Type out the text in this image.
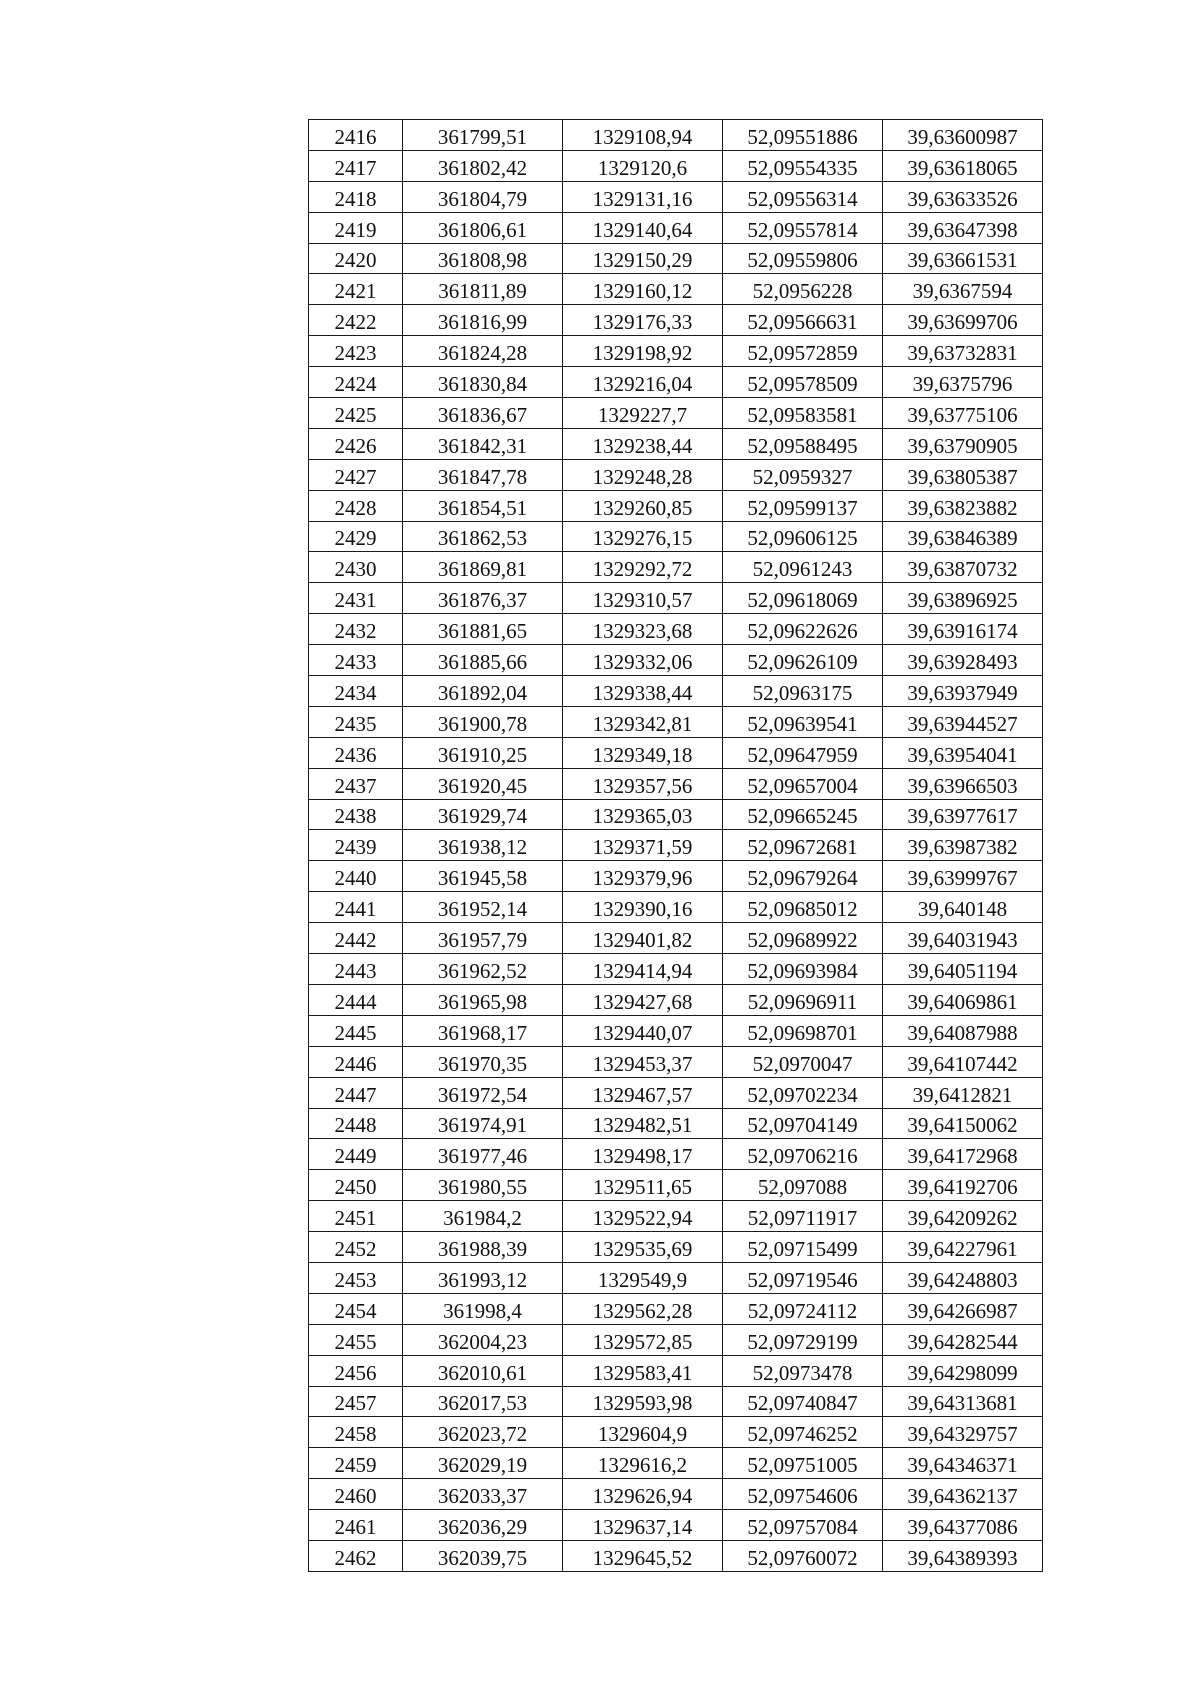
2416	361799,51	1329108,94	52,09551886	39,63600987
2417	361802,42	1329120,6	52,09554335	39,63618065
2418	361804,79	1329131,16	52,09556314	39,63633526
2419	361806,61	1329140,64	52,09557814	39,63647398
2420	361808,98	1329150,29	52,09559806	39,63661531
2421	361811,89	1329160,12	52,0956228	39,6367594
2422	361816,99	1329176,33	52,09566631	39,63699706
2423	361824,28	1329198,92	52,09572859	39,63732831
2424	361830,84	1329216,04	52,09578509	39,6375796
2425	361836,67	1329227,7	52,09583581	39,63775106
2426	361842,31	1329238,44	52,09588495	39,63790905
2427	361847,78	1329248,28	52,0959327	39,63805387
2428	361854,51	1329260,85	52,09599137	39,63823882
2429	361862,53	1329276,15	52,09606125	39,63846389
2430	361869,81	1329292,72	52,0961243	39,63870732
2431	361876,37	1329310,57	52,09618069	39,63896925
2432	361881,65	1329323,68	52,09622626	39,63916174
2433	361885,66	1329332,06	52,09626109	39,63928493
2434	361892,04	1329338,44	52,0963175	39,63937949
2435	361900,78	1329342,81	52,09639541	39,63944527
2436	361910,25	1329349,18	52,09647959	39,63954041
2437	361920,45	1329357,56	52,09657004	39,63966503
2438	361929,74	1329365,03	52,09665245	39,63977617
2439	361938,12	1329371,59	52,09672681	39,63987382
2440	361945,58	1329379,96	52,09679264	39,63999767
2441	361952,14	1329390,16	52,09685012	39,640148
2442	361957,79	1329401,82	52,09689922	39,64031943
2443	361962,52	1329414,94	52,09693984	39,64051194
2444	361965,98	1329427,68	52,09696911	39,64069861
2445	361968,17	1329440,07	52,09698701	39,64087988
2446	361970,35	1329453,37	52,0970047	39,64107442
2447	361972,54	1329467,57	52,09702234	39,6412821
2448	361974,91	1329482,51	52,09704149	39,64150062
2449	361977,46	1329498,17	52,09706216	39,64172968
2450	361980,55	1329511,65	52,097088	39,64192706
2451	361984,2	1329522,94	52,09711917	39,64209262
2452	361988,39	1329535,69	52,09715499	39,64227961
2453	361993,12	1329549,9	52,09719546	39,64248803
2454	361998,4	1329562,28	52,09724112	39,64266987
2455	362004,23	1329572,85	52,09729199	39,64282544
2456	362010,61	1329583,41	52,0973478	39,64298099
2457	362017,53	1329593,98	52,09740847	39,64313681
2458	362023,72	1329604,9	52,09746252	39,64329757
2459	362029,19	1329616,2	52,09751005	39,64346371
2460	362033,37	1329626,94	52,09754606	39,64362137
2461	362036,29	1329637,14	52,09757084	39,64377086
2462	362039,75	1329645,52	52,09760072	39,64389393
